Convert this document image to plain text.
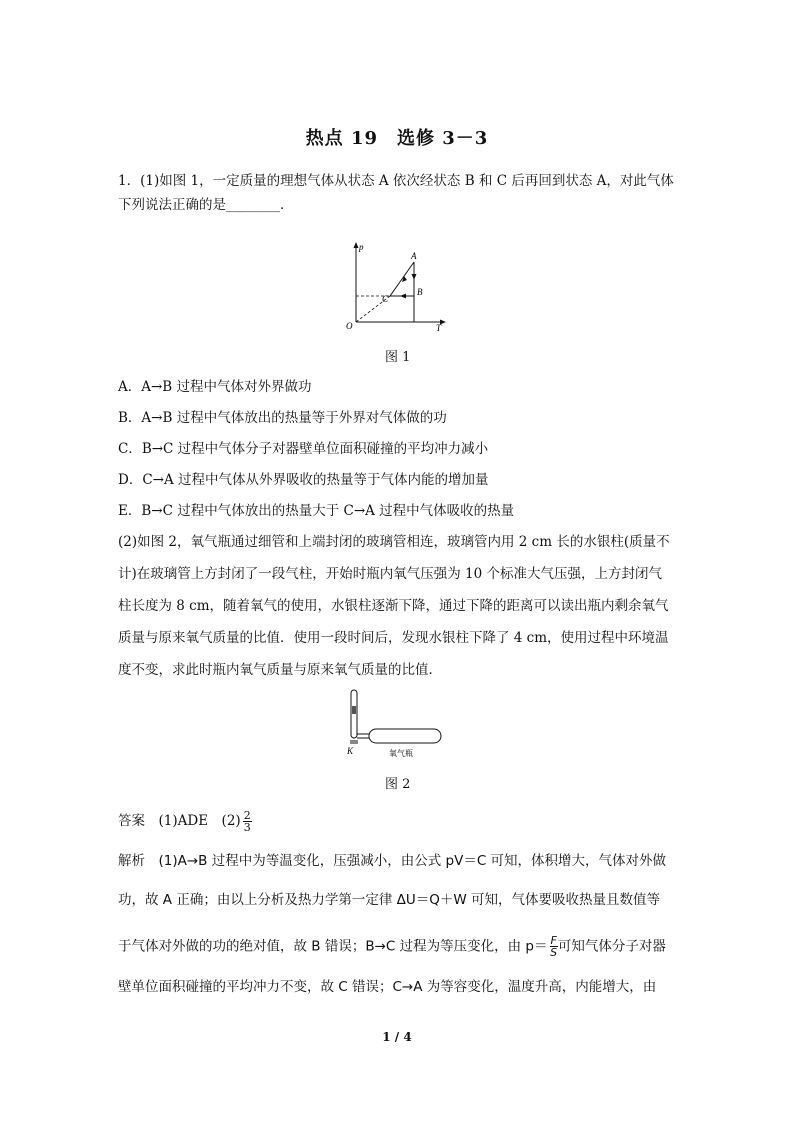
热点 19　选修 3－3
1．(1)如图 1，一定质量的理想气体从状态 A 依次经状态 B 和 C 后再回到状态 A，对此气体
下列说法正确的是________．
p
T
O
A
B
C
图 1
A．A→B 过程中气体对外界做功
B．A→B 过程中气体放出的热量等于外界对气体做的功
C．B→C 过程中气体分子对器壁单位面积碰撞的平均冲力减小
D．C→A 过程中气体从外界吸收的热量等于气体内能的增加量
E．B→C 过程中气体放出的热量大于 C→A 过程中气体吸收的热量
(2)如图 2，氧气瓶通过细管和上端封闭的玻璃管相连，玻璃管内用 2 cm 长的水银柱(质量不
计)在玻璃管上方封闭了一段气柱，开始时瓶内氧气压强为 10 个标准大气压强，上方封闭气
柱长度为 8 cm，随着氧气的使用，水银柱逐渐下降，通过下降的距离可以读出瓶内剩余氧气
质量与原来氧气质量的比值．使用一段时间后，发现水银柱下降了 4 cm，使用过程中环境温
度不变，求此时瓶内氧气质量与原来氧气质量的比值．
K	氧气瓶
图 2
答案　(1)ADE　$(2) \frac{2}{3}$
解析　(1)A→B 过程中为等温变化，压强减小，由公式 pV＝C 可知，体积增大，气体对外做
功，故 A 正确；由以上分析及热力学第一定律 ΔU＝Q＋W 可知，气体要吸收热量且数值等
于气体对外做的功的绝对值，故 B 错误；B→C 过程为等压变化，由 $p= \frac{F}{S}$ 可知气体分子对器
壁单位面积碰撞的平均冲力不变，故 C 错误；C→A 为等容变化，温度升高，内能增大，由
1 / 4
